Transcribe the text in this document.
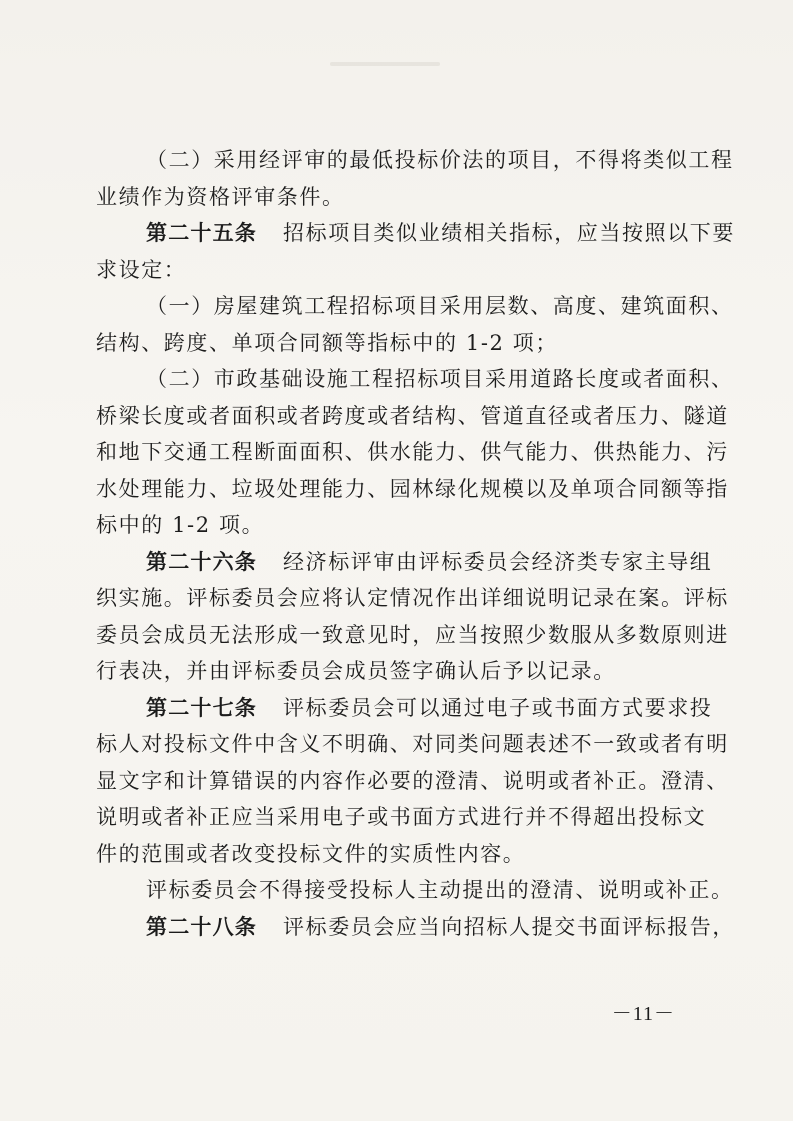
（二）采用经评审的最低投标价法的项目，不得将类似工程
业绩作为资格评审条件。
第二十五条 招标项目类似业绩相关指标，应当按照以下要
求设定：
（一）房屋建筑工程招标项目采用层数、高度、建筑面积、
结构、跨度、单项合同额等指标中的 1-2 项；
（二）市政基础设施工程招标项目采用道路长度或者面积、
桥梁长度或者面积或者跨度或者结构、管道直径或者压力、隧道
和地下交通工程断面面积、供水能力、供气能力、供热能力、污
水处理能力、垃圾处理能力、园林绿化规模以及单项合同额等指
标中的 1-2 项。
第二十六条 经济标评审由评标委员会经济类专家主导组
织实施。评标委员会应将认定情况作出详细说明记录在案。评标
委员会成员无法形成一致意见时，应当按照少数服从多数原则进
行表决，并由评标委员会成员签字确认后予以记录。
第二十七条 评标委员会可以通过电子或书面方式要求投
标人对投标文件中含义不明确、对同类问题表述不一致或者有明
显文字和计算错误的内容作必要的澄清、说明或者补正。澄清、
说明或者补正应当采用电子或书面方式进行并不得超出投标文
件的范围或者改变投标文件的实质性内容。
评标委员会不得接受投标人主动提出的澄清、说明或补正。
第二十八条 评标委员会应当向招标人提交书面评标报告，
－11－
